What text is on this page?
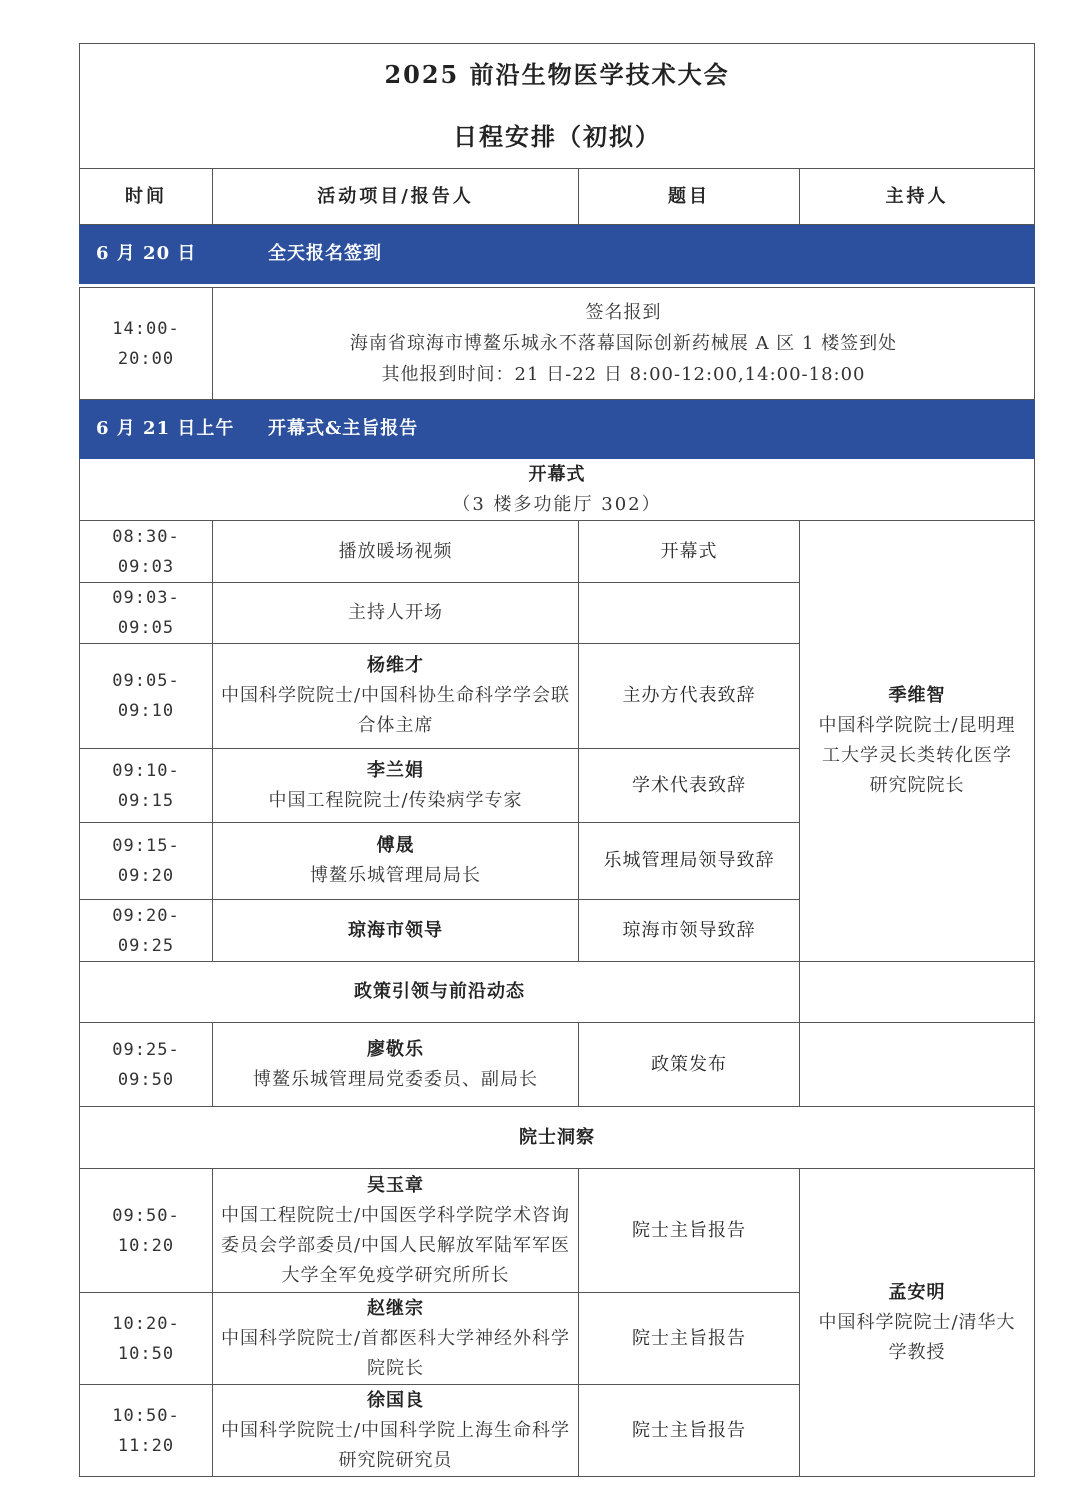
2025 前沿生物医学技术大会
日程安排（初拟）			

时间	活动项目/报告人	题目	主持人
6 月 20 日 全天报名签到			

14:00-20:00	签名报到
海南省琼海市博鳌乐城永不落幕国际创新药械展 A 区 1 楼签到处
其他报到时间：21 日-22 日 8:00-12:00,14:00-18:00		

6 月 21 日上午 开幕式&主旨报告			

开幕式
（3 楼多功能厅 302）			
08:30-09:03	播放暖场视频	开幕式	季维智
中国科学院院士/昆明理工大学灵长类转化医学研究院院长

09:03-09:05	主持人开场		

09:05-09:10	杨维才
中国科学院院士/中国科协生命科学学会联合体主席	主办方代表致辞	
09:10-09:15	李兰娟
中国工程院院士/传染病学专家	学术代表致辞	
09:15-09:20	傅晟
博鳌乐城管理局局长	乐城管理局领导致辞	
09:20-09:25	琼海市领导	琼海市领导致辞	
政策引领与前沿动态			
09:25-09:50	廖敬乐
博鳌乐城管理局党委委员、副局长	政策发布	
院士洞察			
09:50-10:20	吴玉章
中国工程院院士/中国医学科学院学术咨询委员会学部委员/中国人民解放军陆军军医大学全军免疫学研究所所长	院士主旨报告	孟安明
中国科学院院士/清华大学教授

10:20-10:50	赵继宗
中国科学院院士/首都医科大学神经外科学院院长	院士主旨报告	
10:50-11:20	徐国良
中国科学院院士/中国科学院上海生命科学研究院研究员	院士主旨报告	
